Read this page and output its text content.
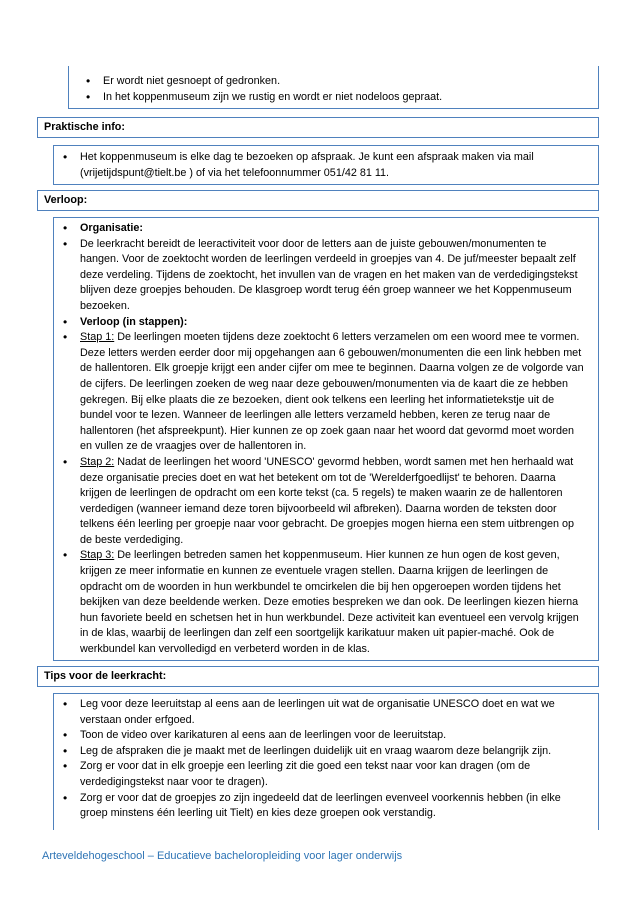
• Er wordt niet gesnoept of gedronken.
• In het koppenmuseum zijn we rustig en wordt er niet nodeloos gepraat.
Praktische info:
• Het koppenmuseum is elke dag te bezoeken op afspraak. Je kunt een afspraak maken via mail (vrijetijdspunt@tielt.be ) of via het telefoonnummer 051/42 81 11.
Verloop:
• Organisatie:
• De leerkracht bereidt de leeractiviteit voor door de letters aan de juiste gebouwen/monumenten te hangen. Voor de zoektocht worden de leerlingen verdeeld in groepjes van 4. De juf/meester bepaalt zelf deze verdeling. Tijdens de zoektocht, het invullen van de vragen en het maken van de verdedigingstekst blijven deze groepjes behouden. De klasgroep wordt terug één groep wanneer we het Koppenmuseum bezoeken.
• Verloop (in stappen):
• Stap 1: De leerlingen moeten tijdens deze zoektocht 6 letters verzamelen om een woord mee te vormen. Deze letters werden eerder door mij opgehangen aan 6 gebouwen/monumenten die een link hebben met de hallentoren. Elk groepje krijgt een ander cijfer om mee te beginnen. Daarna volgen ze de volgorde van de cijfers. De leerlingen zoeken de weg naar deze gebouwen/monumenten via de kaart die ze hebben gekregen. Bij elke plaats die ze bezoeken, dient ook telkens een leerling het informatietekstje uit de bundel voor te lezen. Wanneer de leerlingen alle letters verzameld hebben, keren ze terug naar de hallentoren (het afspreekpunt). Hier kunnen ze op zoek gaan naar het woord dat gevormd moet worden en vullen ze de vraagjes over de hallentoren in.
• Stap 2: Nadat de leerlingen het woord 'UNESCO' gevormd hebben, wordt samen met hen herhaald wat deze organisatie precies doet en wat het betekent om tot de 'Werelderfgoedlijst' te behoren. Daarna krijgen de leerlingen de opdracht om een korte tekst (ca. 5 regels) te maken waarin ze de hallentoren verdedigen (wanneer iemand deze toren bijvoorbeeld wil afbreken). Daarna worden de teksten door telkens één leerling per groepje naar voor gebracht. De groepjes mogen hierna een stem uitbrengen op de beste verdediging.
• Stap 3: De leerlingen betreden samen het koppenmuseum. Hier kunnen ze hun ogen de kost geven, krijgen ze meer informatie en kunnen ze eventuele vragen stellen. Daarna krijgen de leerlingen de opdracht om de woorden in hun werkbundel te omcirkelen die bij hen opgeroepen worden tijdens het bekijken van deze beeldende werken. Deze emoties bespreken we dan ook. De leerlingen kiezen hierna hun favoriete beeld en schetsen het in hun werkbundel. Deze activiteit kan eventueel een vervolg krijgen in de klas, waarbij de leerlingen dan zelf een soortgelijk karikatuur maken uit papier-maché. Ook de werkbundel kan vervolledigd en verbeterd worden in de klas.
Tips voor de leerkracht:
• Leg voor deze leeruitstap al eens aan de leerlingen uit wat de organisatie UNESCO doet en wat we verstaan onder erfgoed.
• Toon de video over karikaturen al eens aan de leerlingen voor de leeruitstap.
• Leg de afspraken die je maakt met de leerlingen duidelijk uit en vraag waarom deze belangrijk zijn.
• Zorg er voor dat in elk groepje een leerling zit die goed een tekst naar voor kan dragen (om de verdedigingstekst naar voor te dragen).
• Zorg er voor dat de groepjes zo zijn ingedeeld dat de leerlingen evenveel voorkennis hebben (in elke groep minstens één leerling uit Tielt) en kies deze groepen ook verstandig.
Arteveldehogeschool – Educatieve bacheloropleiding voor lager onderwijs
